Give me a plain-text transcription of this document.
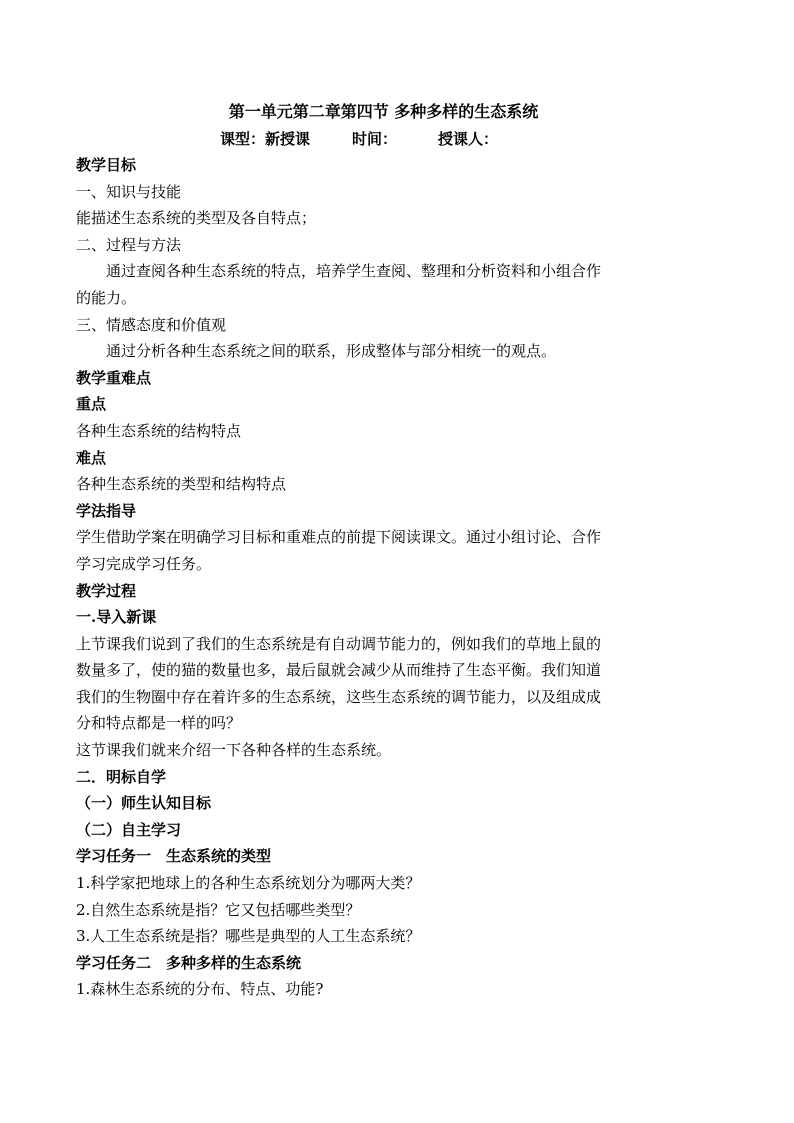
第一单元第二章第四节 多种多样的生态系统
课型：新授课	时间：	授课人：
教学目标
一、知识与技能
能描述生态系统的类型及各自特点；
二、过程与方法
通过查阅各种生态系统的特点，培养学生查阅、整理和分析资料和小组合作
的能力。
三、情感态度和价值观
通过分析各种生态系统之间的联系，形成整体与部分相统一的观点。
教学重难点
重点
各种生态系统的结构特点
难点
各种生态系统的类型和结构特点
学法指导
学生借助学案在明确学习目标和重难点的前提下阅读课文。通过小组讨论、合作
学习完成学习任务。
教学过程
一.导入新课
上节课我们说到了我们的生态系统是有自动调节能力的，例如我们的草地上鼠的
数量多了，使的猫的数量也多，最后鼠就会减少从而维持了生态平衡。我们知道
我们的生物圈中存在着许多的生态系统，这些生态系统的调节能力，以及组成成
分和特点都是一样的吗？
这节课我们就来介绍一下各种各样的生态系统。
二．明标自学
（一）师生认知目标
（二）自主学习
学习任务一　生态系统的类型
1.科学家把地球上的各种生态系统划分为哪两大类？
2.自然生态系统是指？它又包括哪些类型？
3.人工生态系统是指？哪些是典型的人工生态系统？
学习任务二　多种多样的生态系统
1.森林生态系统的分布、特点、功能?
